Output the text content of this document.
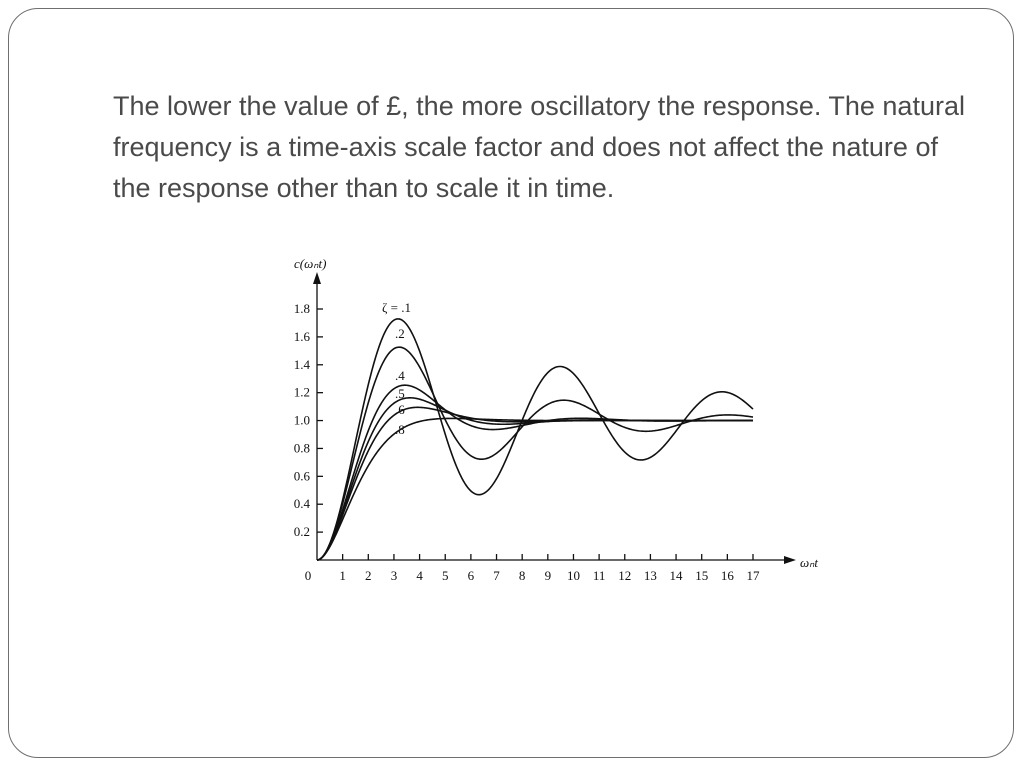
The lower the value of £, the more oscillatory the response. The natural frequency is a time-axis scale factor and does not affect the nature of the response other than to scale it in time.
0.2
0.4
0.6
0.8
1.0
1.2
1.4
1.6
1.8
0 1 2 3 4 5 6 7 8 9 10 11 12 13 14 15 16 17
c(ωₙt)
ωₙt
ζ = .1
.2
.4
.5
.6
.8
